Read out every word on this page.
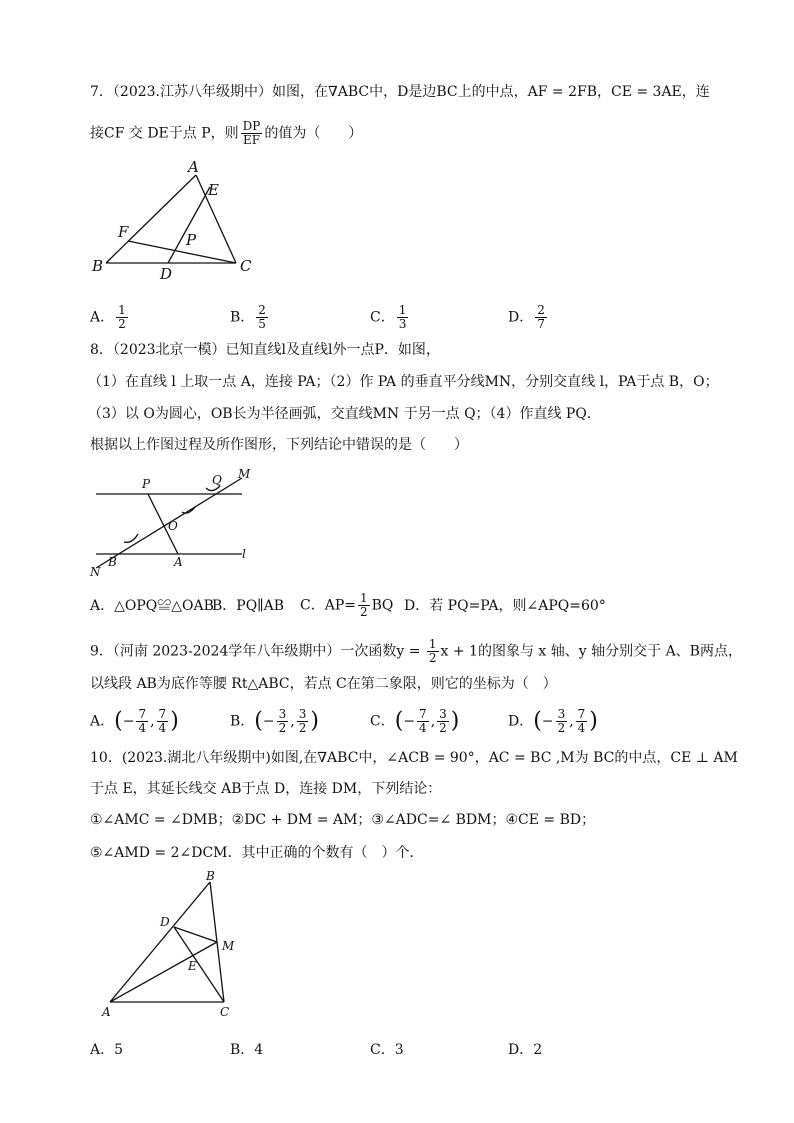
7．（2023.江苏八年级期中）如图，在∇ABC中，D是边BC上的中点，AF = 2FB，CE = 3AE，连
接CF 交 DE于点 P，则 $\frac{DP}{EF}$ 的值为（　　）
A
E
F	P
B	D	C
A． $\frac{1}{2}$	B． $\frac{2}{5}$	C． $\frac{1}{3}$	D． $\frac{2}{7}$
8．（2023北京一模）已知直线l及直线l外一点P．如图，
（1）在直线 l 上取一点 A，连接 PA；（2）作 PA 的垂直平分线MN，分别交直线 l，PA于点 B，O；
（3）以 O为圆心，OB长为半径画弧，交直线MN 于另一点 Q；（4）作直线 PQ．
根据以上作图过程及所作图形，下列结论中错误的是（　　）
P	Q M
O
l
N
B	A
A．△OPQ≌△OAB
B．PQ∥AB C．$AP= \frac{1}{2}$ BQ D．若 PQ=PA，则∠APQ=60°
9．（河南 2023-2024学年八年级期中）一次函数$y = \frac{1}{2}$ x + 1的图象与 x 轴、y 轴分别交于 A、B两点，
以线段 AB为底作等腰 Rt△ABC，若点 C在第二象限，则它的坐标为（　）
A．(− $\frac{7}{4}$ , $\frac{7}{4}$ )	B．(− $\frac{3}{2}$ , $\frac{3}{2}$ )	C．(− $\frac{7}{4}$ , $\frac{3}{2}$ )	D．(− $\frac{3}{2}$ , $\frac{7}{4}$ )
10．(2023.湖北八年级期中)如图,在∇ABC中，∠ACB = 90°，AC = BC ,M为 BC的中点，CE ⊥ AM
于点 E，其延长线交 AB于点 D，连接 DM，下列结论：
①∠AMC = ∠DMB；②DC + DM = AM；③∠ADC=∠ BDM；④CE = BD；
⑤∠AMD = 2∠DCM．其中正确的个数有（　）个．
B
D
M
E
A	C
A．5	B．4	C．3	D．2
